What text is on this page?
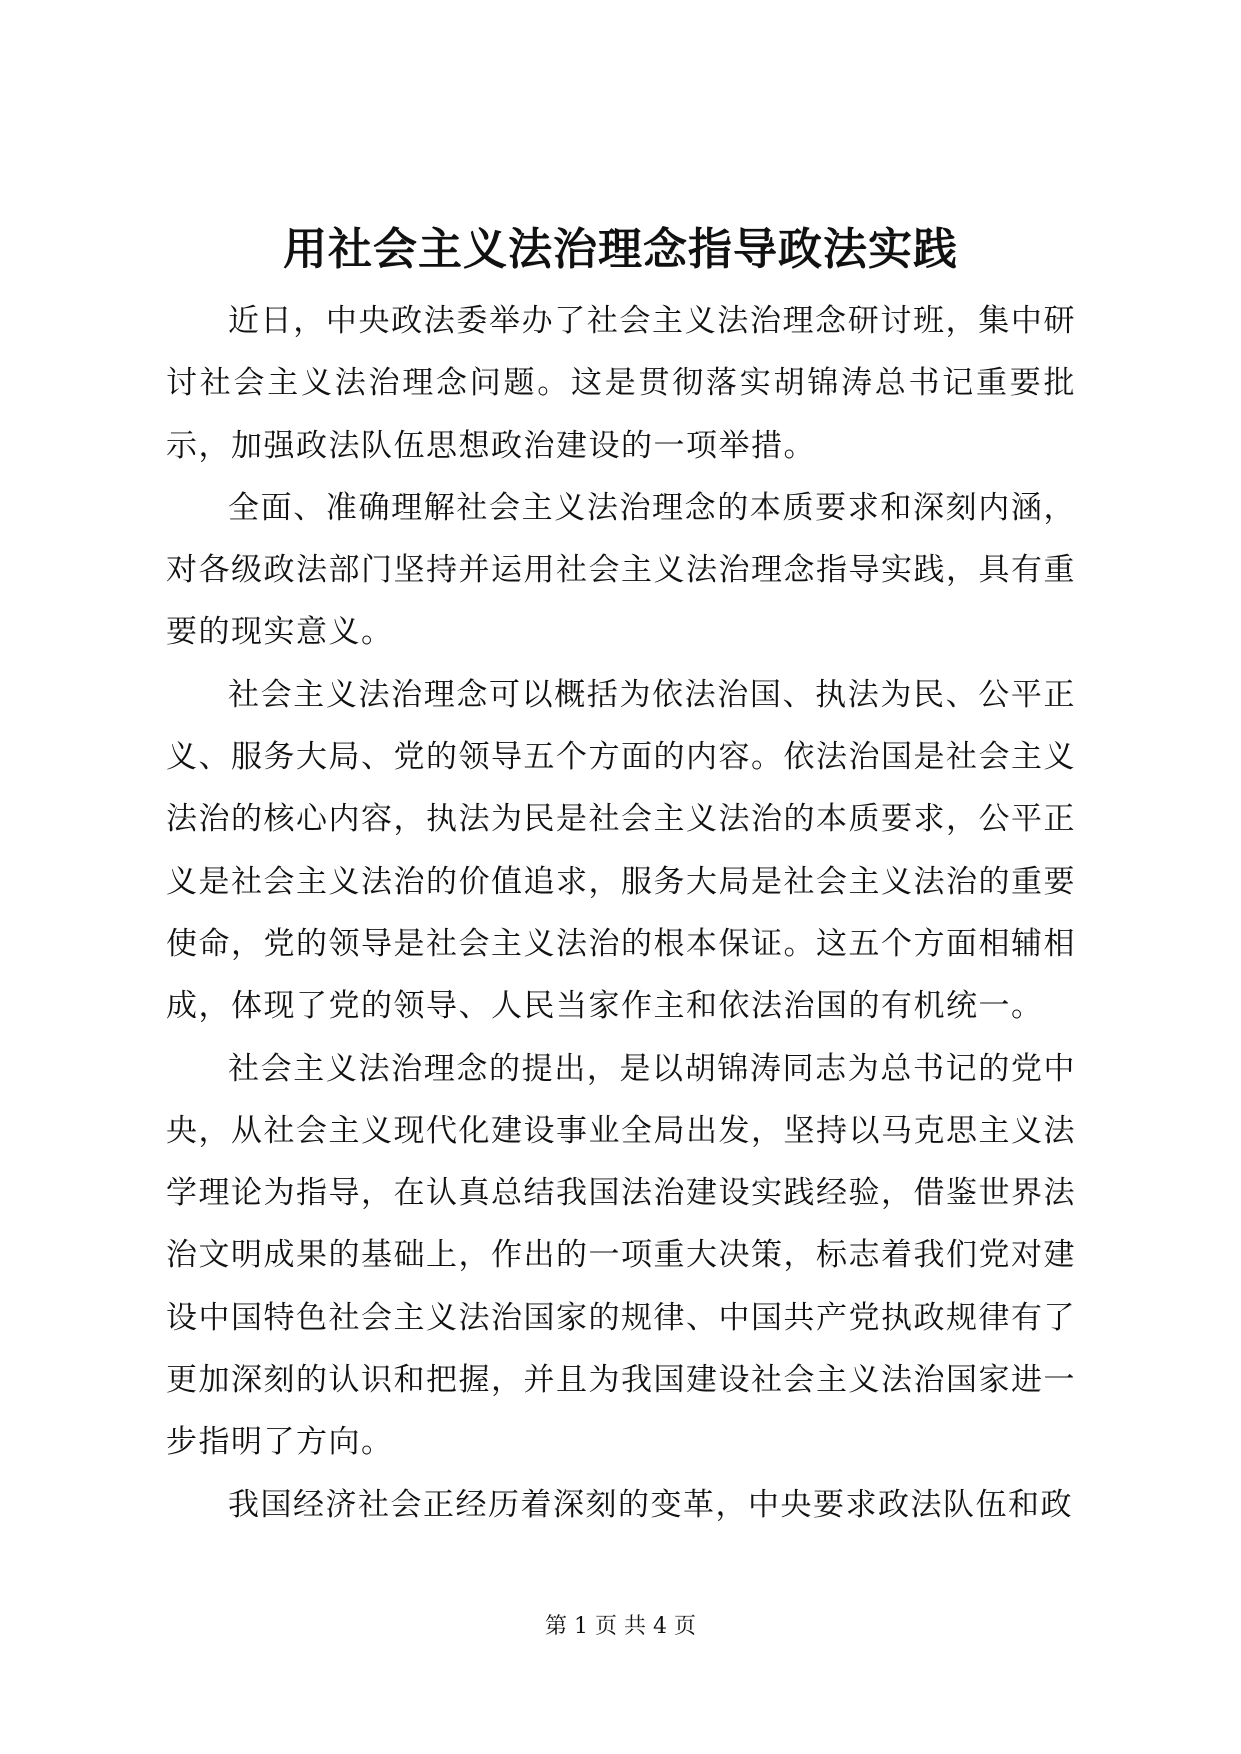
用社会主义法治理念指导政法实践

近日，中央政法委举办了社会主义法治理念研讨班，集中研讨社会主义法治理念问题。这是贯彻落实胡锦涛总书记重要批示，加强政法队伍思想政治建设的一项举措。

全面、准确理解社会主义法治理念的本质要求和深刻内涵，对各级政法部门坚持并运用社会主义法治理念指导实践，具有重要的现实意义。

社会主义法治理念可以概括为依法治国、执法为民、公平正义、服务大局、党的领导五个方面的内容。依法治国是社会主义法治的核心内容，执法为民是社会主义法治的本质要求，公平正义是社会主义法治的价值追求，服务大局是社会主义法治的重要使命，党的领导是社会主义法治的根本保证。这五个方面相辅相成，体现了党的领导、人民当家作主和依法治国的有机统一。

社会主义法治理念的提出，是以胡锦涛同志为总书记的党中央，从社会主义现代化建设事业全局出发，坚持以马克思主义法学理论为指导，在认真总结我国法治建设实践经验，借鉴世界法治文明成果的基础上，作出的一项重大决策，标志着我们党对建设中国特色社会主义法治国家的规律、中国共产党执政规律有了更加深刻的认识和把握，并且为我国建设社会主义法治国家进一步指明了方向。

我国经济社会正经历着深刻的变革，中央要求政法队伍和政

第 1 页 共 4 页
